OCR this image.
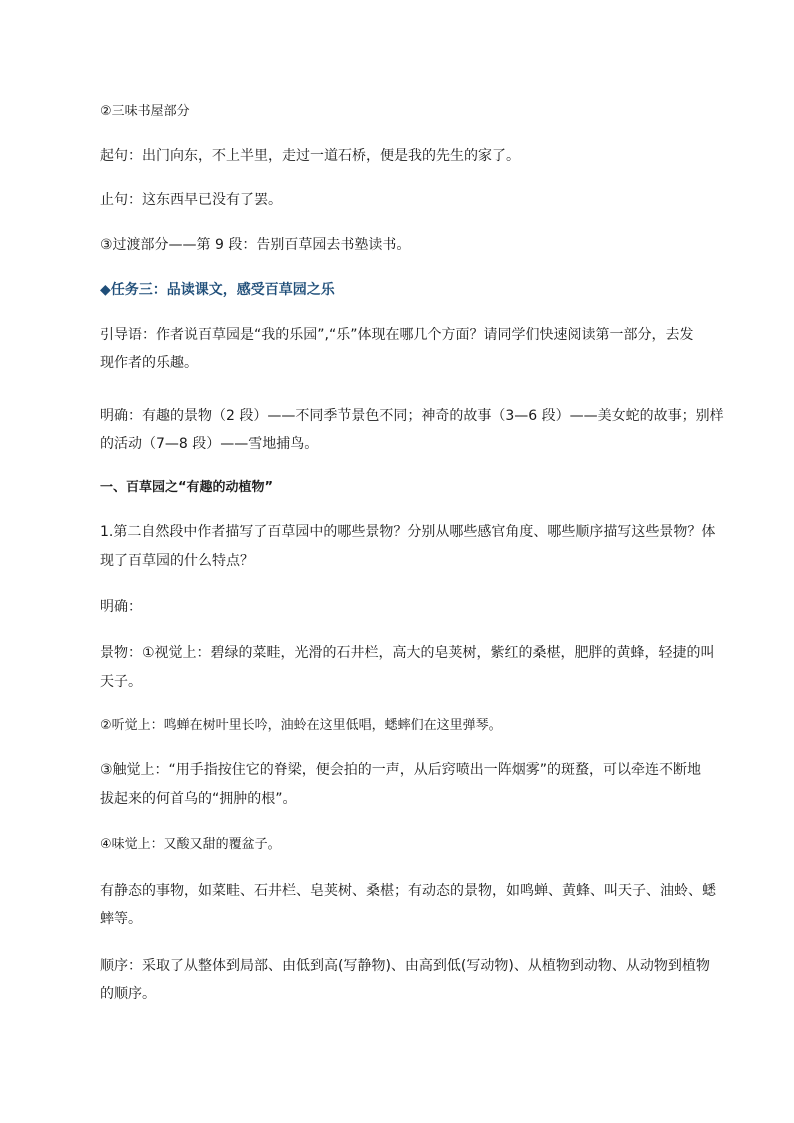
②三味书屋部分
起句：出门向东，不上半里，走过一道石桥，便是我的先生的家了。
止句：这东西早已没有了罢。
③过渡部分——第 9 段：告别百草园去书塾读书。
◆任务三：品读课文，感受百草园之乐
引导语：作者说百草园是“我的乐园”,“乐”体现在哪几个方面？请同学们快速阅读第一部分，去发
现作者的乐趣。
明确：有趣的景物（2 段）——不同季节景色不同；神奇的故事（3—6 段）——美女蛇的故事；别样
的活动（7—8 段）——雪地捕鸟。
一、百草园之“有趣的动植物”
1.第二自然段中作者描写了百草园中的哪些景物？分别从哪些感官角度、哪些顺序描写这些景物？体
现了百草园的什么特点？
明确：
景物：①视觉上：碧绿的菜畦，光滑的石井栏，高大的皂荚树，紫红的桑椹，肥胖的黄蜂，轻捷的叫
天子。
②听觉上：鸣蝉在树叶里长吟，油蛉在这里低唱，蟋蟀们在这里弹琴。
③触觉上：“用手指按住它的脊梁，便会拍的一声，从后窍喷出一阵烟雾”的斑蝥，可以牵连不断地
拔起来的何首乌的“拥肿的根”。
④味觉上：又酸又甜的覆盆子。
有静态的事物，如菜畦、石井栏、皂荚树、桑椹；有动态的景物，如鸣蝉、黄蜂、叫天子、油蛉、蟋
蟀等。
顺序：采取了从整体到局部、由低到高(写静物)、由高到低(写动物)、从植物到动物、从动物到植物
的顺序。
